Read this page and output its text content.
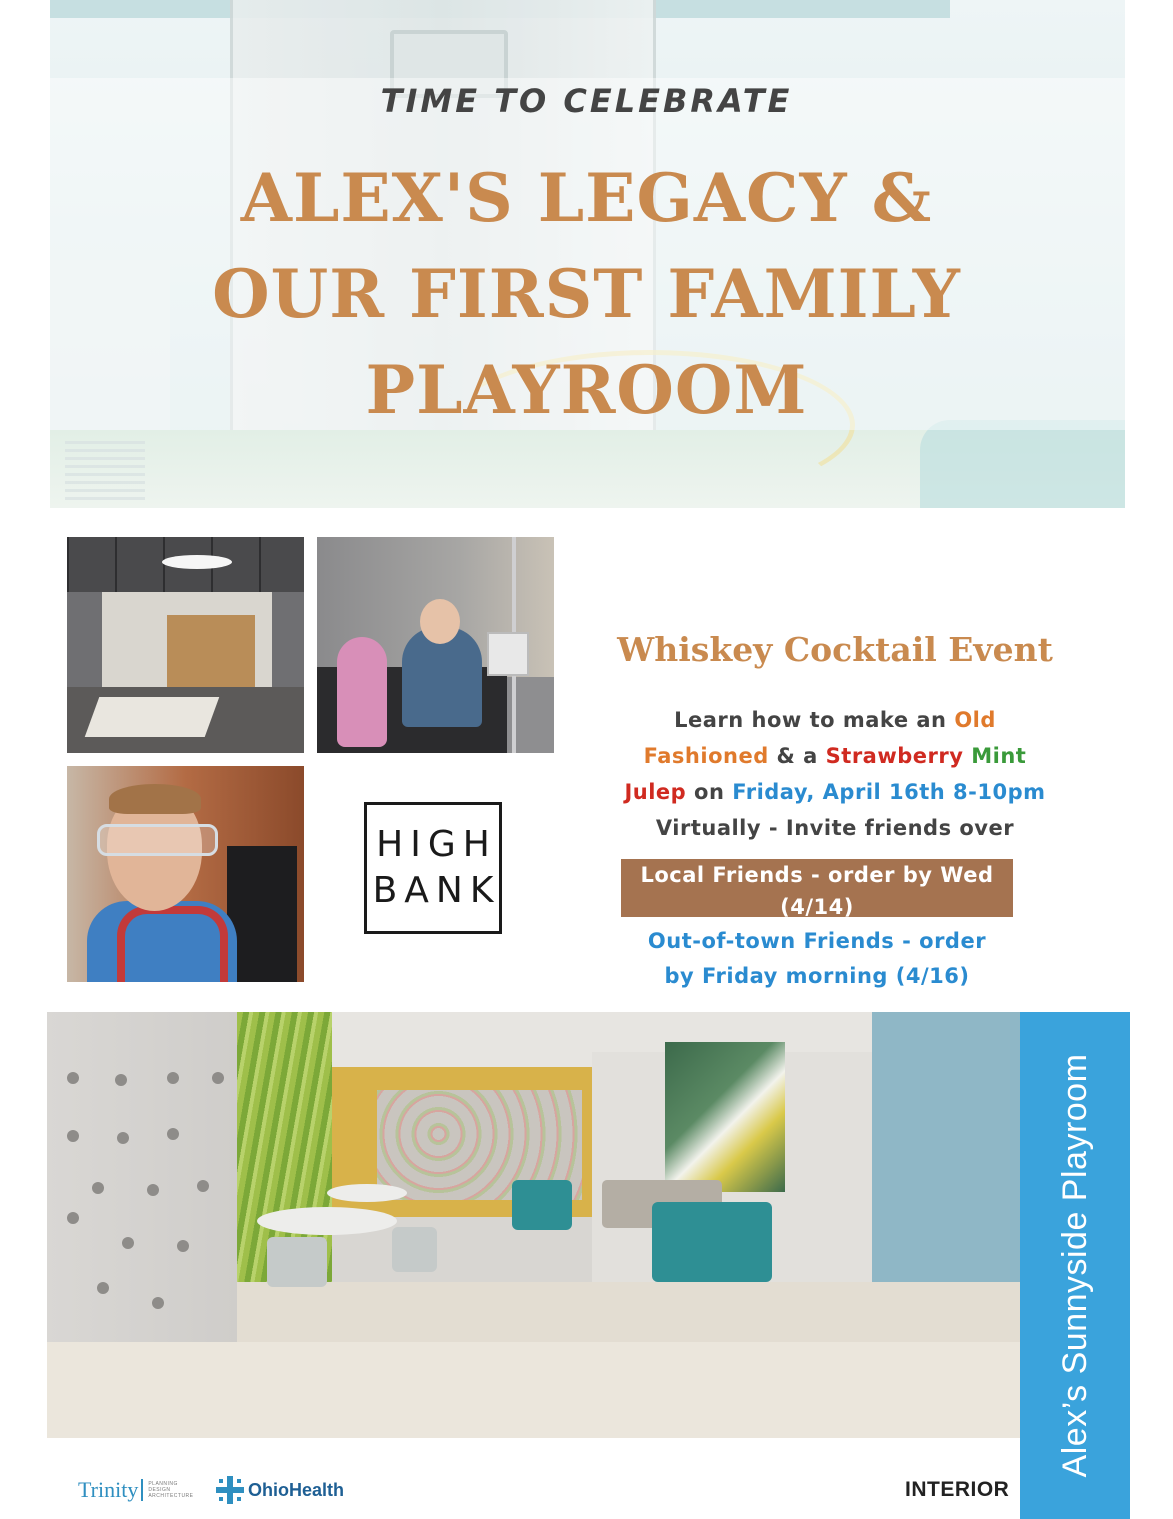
TIME TO CELEBRATE
ALEX'S LEGACY &
OUR FIRST FAMILY
PLAYROOM
HIGH
BANK
Whiskey Cocktail Event
Learn how to make an Old
Fashioned & a Strawberry Mint
Julep on Friday, April 16th 8-10pm
Virtually - Invite friends over
Local Friends - order by Wed
(4/14)
Out-of-town Friends - order
by Friday morning (4/16)
Alex’s Sunnyside Playroom
Trinity PLANNING DESIGN ARCHITECTURE	OhioHealth	INTERIOR
